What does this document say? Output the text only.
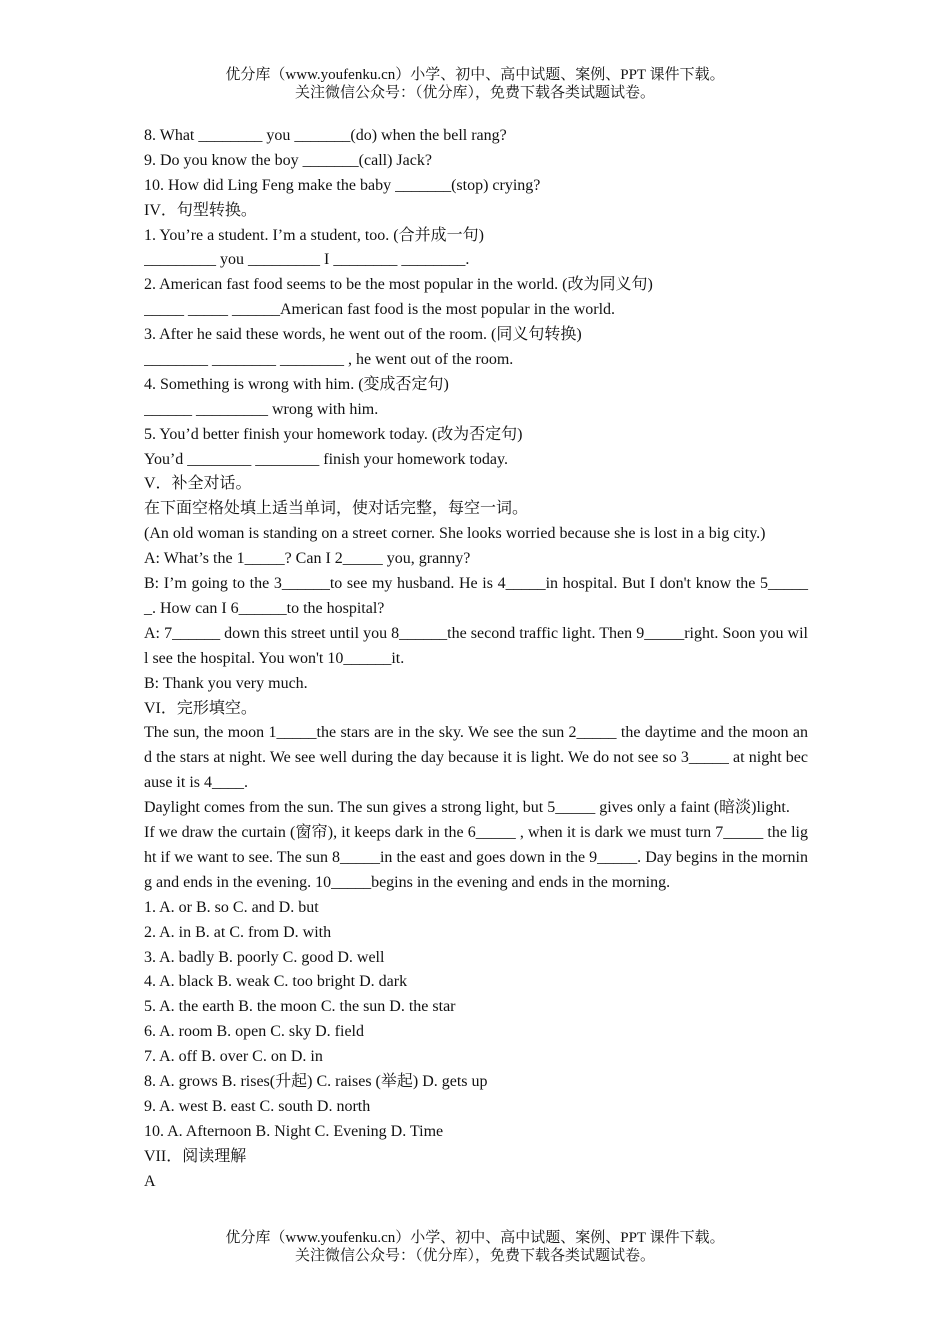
优分库（www.youfenku.cn）小学、初中、高中试题、案例、PPT 课件下载。
关注微信公众号：（优分库），免费下载各类试题试卷。
8. What ________ you _______(do) when the bell rang?
9. Do you know the boy _______(call) Jack?
10. How did Ling Feng make the baby _______(stop) crying?
IV．句型转换。
1. You’re a student. I’m a student, too. (合并成一句)
_________ you _________ I ________ ________.
2. American fast food seems to be the most popular in the world. (改为同义句)
_____ _____ ______American fast food is the most popular in the world.
3. After he said these words, he went out of the room. (同义句转换)
________ ________ ________ , he went out of the room.
4. Something is wrong with him. (变成否定句)
______ _________ wrong with him.
5. You’d better finish your homework today. (改为否定句)
You’d ________ ________ finish your homework today.
V．补全对话。
在下面空格处填上适当单词，使对话完整，每空一词。
(An old woman is standing on a street corner. She looks worried because she is lost in a big city.)
A: What’s the 1_____? Can I 2_____ you, granny?
B: I’m going to the 3______to see my husband. He is 4_____in hospital. But I don't know the 5______. How can I 6______to the hospital?
A: 7______ down this street until you 8______the second traffic light. Then 9_____right. Soon you will see the hospital. You won't 10______it.
B: Thank you very much.
VI．完形填空。
The sun, the moon 1_____the stars are in the sky. We see the sun 2_____ the daytime and the moon and the stars at night. We see well during the day because it is light. We do not see so 3_____ at night because it is 4____.
Daylight comes from the sun. The sun gives a strong light, but 5_____ gives only a faint (暗淡)light.
If we draw the curtain (窗帘), it keeps dark in the 6_____ , when it is dark we must turn 7_____ the light if we want to see. The sun 8_____in the east and goes down in the 9_____. Day begins in the morning and ends in the evening. 10_____begins in the evening and ends in the morning.
1. A. or B. so C. and D. but
2. A. in B. at C. from D. with
3. A. badly B. poorly C. good D. well
4. A. black B. weak C. too bright D. dark
5. A. the earth B. the moon C. the sun D. the star
6. A. room B. open C. sky D. field
7. A. off B. over C. on D. in
8. A. grows B. rises(升起) C. raises (举起) D. gets up
9. A. west B. east C. south D. north
10. A. Afternoon B. Night C. Evening D. Time
VII．阅读理解
A
优分库（www.youfenku.cn）小学、初中、高中试题、案例、PPT 课件下载。
关注微信公众号：（优分库），免费下载各类试题试卷。
